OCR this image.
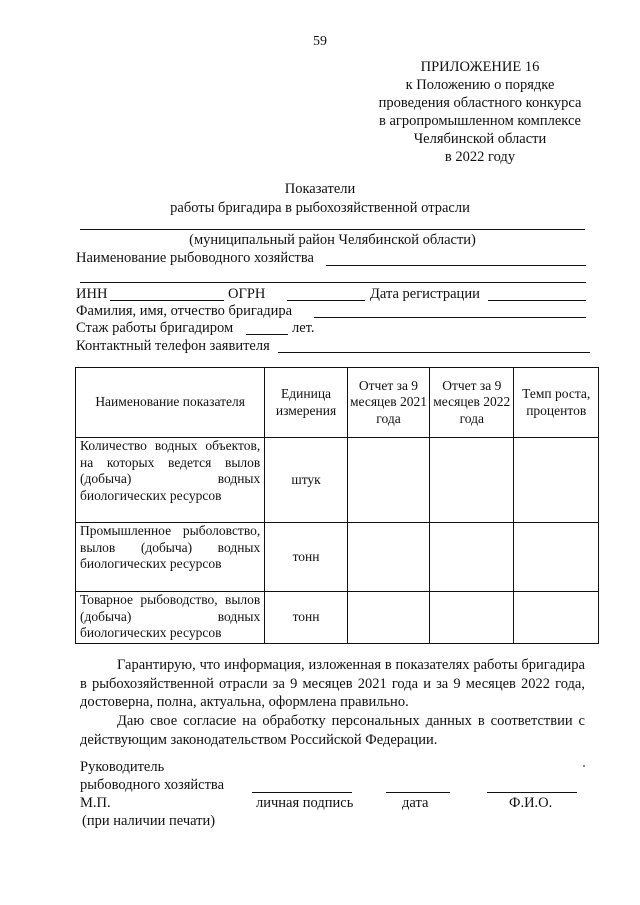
59
ПРИЛОЖЕНИЕ 16
к Положению о порядке
проведения областного конкурса
в агропромышленном комплексе
Челябинской области
в 2022 году
Показатели
работы бригадира в рыбохозяйственной отрасли
(муниципальный район Челябинской области)
Наименование рыбоводного хозяйства
ИНН	ОГРН	Дата регистрации
Фамилия, имя, отчество бригадира
Стаж работы бригадиром	лет.
Контактный телефон заявителя
Наименование показателя	Единица измерения	Отчет за 9 месяцев 2021 года	Отчет за 9 месяцев 2022 года	Темп роста, процентов
Количество водных объектов, на которых ведется вылов (добыча) водных биологических ресурсов	штук			
Промышленное рыболовство, вылов (добыча) водных биологических ресурсов	тонн			
Товарное рыбоводство, вылов (добыча) водных биологических ресурсов	тонн			
Гарантирую, что информация, изложенная в показателях работы бригадира в рыбохозяйственной отрасли за 9 месяцев 2021 года и за 9 месяцев 2022 года, достоверна, полна, актуальна, оформлена правильно.
Даю свое согласие на обработку персональных данных в соответствии с действующим законодательством Российской Федерации.
Руководитель
рыбоводного хозяйства
М.П.	личная подпись	дата	Ф.И.О.
(при наличии печати)
